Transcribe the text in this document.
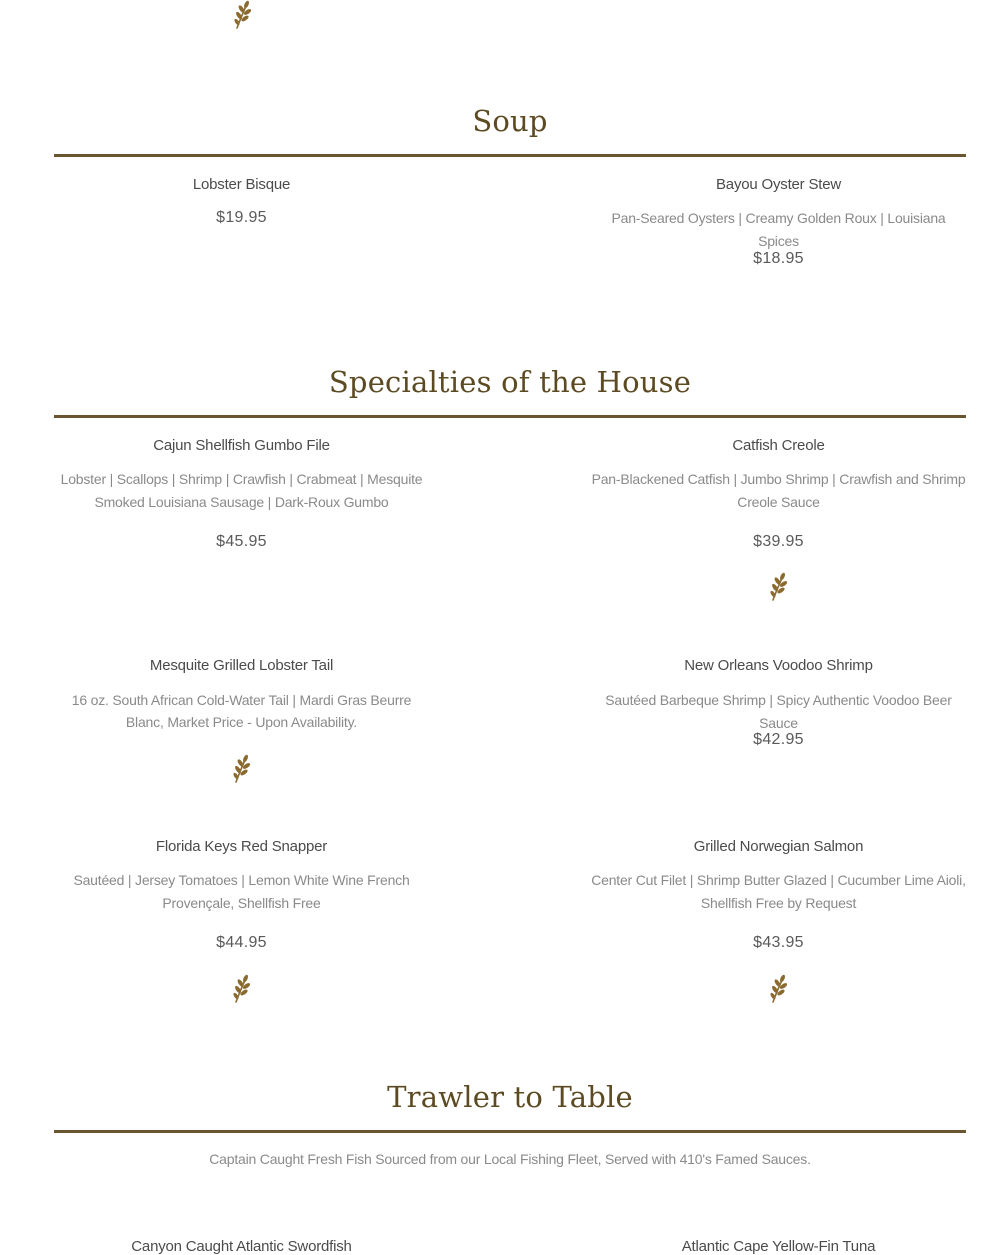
Soup
Lobster Bisque
$19.95
Bayou Oyster Stew
Pan-Seared Oysters | Creamy Golden Roux | Louisiana Spices
$18.95
Specialties of the House
Cajun Shellfish Gumbo File
Lobster | Scallops | Shrimp | Crawfish | Crabmeat | Mesquite
Smoked Louisiana Sausage | Dark-Roux Gumbo
$45.95
Catfish Creole
Pan-Blackened Catfish | Jumbo Shrimp | Crawfish and Shrimp
Creole Sauce
$39.95
Mesquite Grilled Lobster Tail
16 oz. South African Cold-Water Tail | Mardi Gras Beurre
Blanc, Market Price - Upon Availability.
New Orleans Voodoo Shrimp
Sautéed Barbeque Shrimp | Spicy Authentic Voodoo Beer Sauce
$42.95
Florida Keys Red Snapper
Sautéed | Jersey Tomatoes | Lemon White Wine French
Provençale, Shellfish Free
$44.95
Grilled Norwegian Salmon
Center Cut Filet | Shrimp Butter Glazed | Cucumber Lime Aioli,
Shellfish Free by Request
$43.95
Trawler to Table
Captain Caught Fresh Fish Sourced from our Local Fishing Fleet, Served with 410's Famed Sauces.
Canyon Caught Atlantic Swordfish	Atlantic Cape Yellow-Fin Tuna
